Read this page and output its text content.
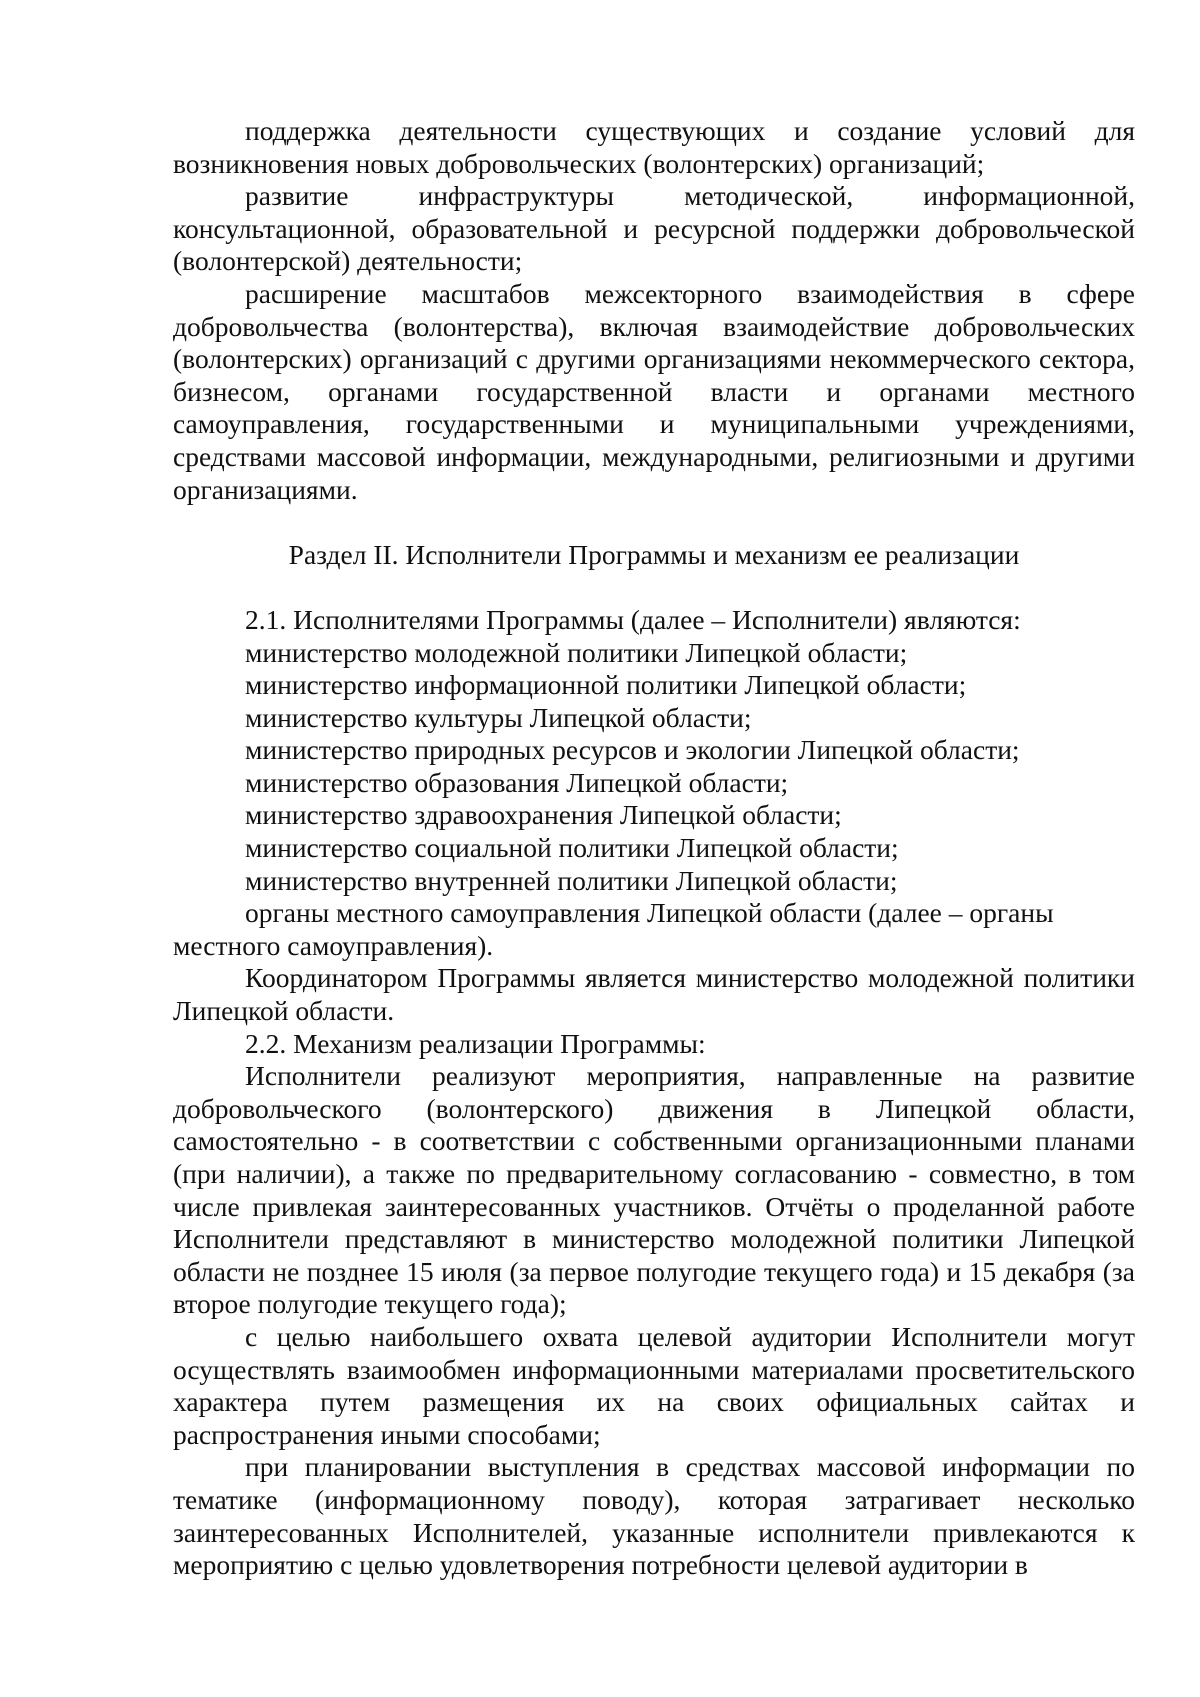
поддержка деятельности существующих и создание условий для возникновения новых добровольческих (волонтерских) организаций;

развитие инфраструктуры методической, информационной, консультационной, образовательной и ресурсной поддержки добровольческой (волонтерской) деятельности;

расширение масштабов межсекторного взаимодействия в сфере добровольчества (волонтерства), включая взаимодействие добровольческих (волонтерских) организаций с другими организациями некоммерческого сектора, бизнесом, органами государственной власти и органами местного самоуправления, государственными и муниципальными учреждениями, средствами массовой информации, международными, религиозными и другими организациями.

Раздел II. Исполнители Программы и механизм ее реализации

2.1. Исполнителями Программы (далее – Исполнители) являются:

министерство молодежной политики Липецкой области;

министерство информационной политики Липецкой области;

министерство культуры Липецкой области;

министерство природных ресурсов и экологии Липецкой области;

министерство образования Липецкой области;

министерство здравоохранения Липецкой области;

министерство социальной политики Липецкой области;

министерство внутренней политики Липецкой области;

органы местного самоуправления Липецкой области (далее – органы местного самоуправления).

Координатором Программы является министерство молодежной политики Липецкой области.

2.2. Механизм реализации Программы:

Исполнители реализуют мероприятия, направленные на развитие добровольческого (волонтерского) движения в Липецкой области, самостоятельно - в соответствии с собственными организационными планами (при наличии), а также по предварительному согласованию - совместно, в том числе привлекая заинтересованных участников. Отчёты о проделанной работе Исполнители представляют в министерство молодежной политики Липецкой области не позднее 15 июля (за первое полугодие текущего года) и 15 декабря (за второе полугодие текущего года);

с целью наибольшего охвата целевой аудитории Исполнители могут осуществлять взаимообмен информационными материалами просветительского характера путем размещения их на своих официальных сайтах и распространения иными способами;

при планировании выступления в средствах массовой информации по тематике (информационному поводу), которая затрагивает несколько заинтересованных Исполнителей, указанные исполнители привлекаются к мероприятию с целью удовлетворения потребности целевой аудитории в
